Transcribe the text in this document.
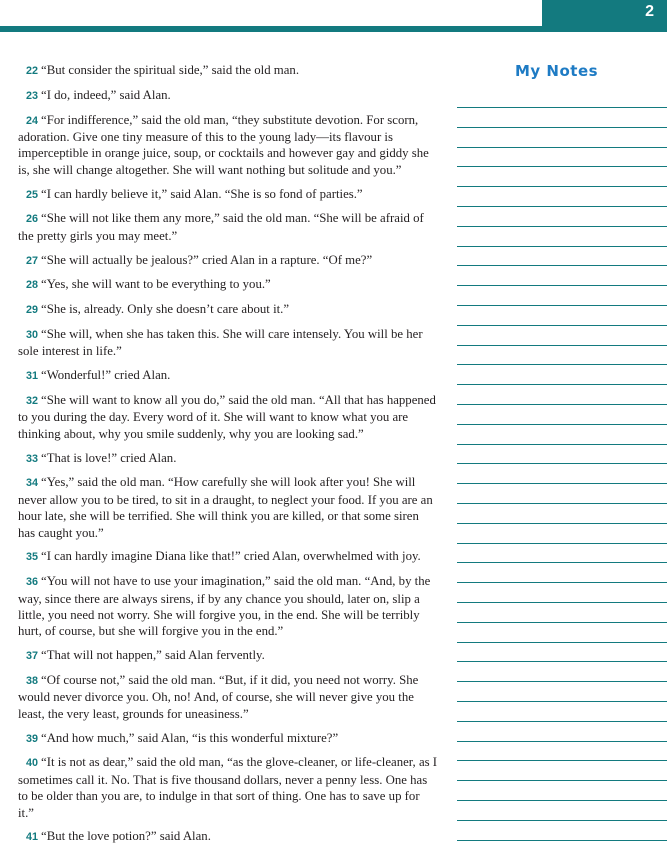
2

22 “But consider the spiritual side,” said the old man.

23 “I do, indeed,” said Alan.

24 “For indifference,” said the old man, “they substitute devotion. For scorn, adoration. Give one tiny measure of this to the young lady—its flavour is imperceptible in orange juice, soup, or cocktails and however gay and giddy she is, she will change altogether. She will want nothing but solitude and you.”

25 “I can hardly believe it,” said Alan. “She is so fond of parties.”

26 “She will not like them any more,” said the old man. “She will be afraid of the pretty girls you may meet.”

27 “She will actually be jealous?” cried Alan in a rapture. “Of me?”

28 “Yes, she will want to be everything to you.”

29 “She is, already. Only she doesn’t care about it.”

30 “She will, when she has taken this. She will care intensely. You will be her sole interest in life.”

31 “Wonderful!” cried Alan.

32 “She will want to know all you do,” said the old man. “All that has happened to you during the day. Every word of it. She will want to know what you are thinking about, why you smile suddenly, why you are looking sad.”

33 “That is love!” cried Alan.

34 “Yes,” said the old man. “How carefully she will look after you! She will never allow you to be tired, to sit in a draught, to neglect your food. If you are an hour late, she will be terrified. She will think you are killed, or that some siren has caught you.”

35 “I can hardly imagine Diana like that!” cried Alan, overwhelmed with joy.

36 “You will not have to use your imagination,” said the old man. “And, by the way, since there are always sirens, if by any chance you should, later on, slip a little, you need not worry. She will forgive you, in the end. She will be terribly hurt, of course, but she will forgive you in the end.”

37 “That will not happen,” said Alan fervently.

38 “Of course not,” said the old man. “But, if it did, you need not worry. She would never divorce you. Oh, no! And, of course, she will never give you the least, the very least, grounds for uneasiness.”

39 “And how much,” said Alan, “is this wonderful mixture?”

40 “It is not as dear,” said the old man, “as the glove-cleaner, or life-cleaner, as I sometimes call it. No. That is five thousand dollars, never a penny less. One has to be older than you are, to indulge in that sort of thing. One has to save up for it.”

41 “But the love potion?” said Alan.

My Notes
